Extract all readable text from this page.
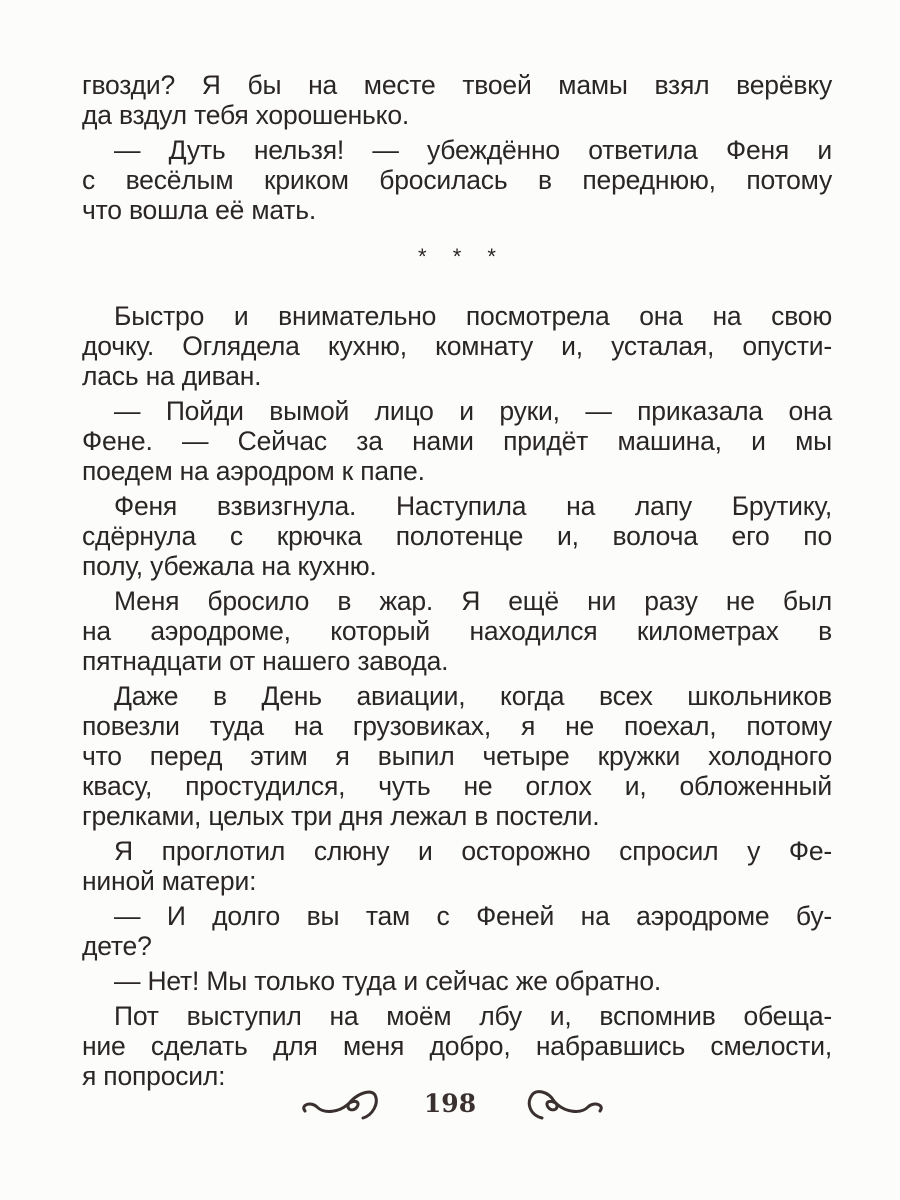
гвозди? Я бы на месте твоей мамы взял верёвку
да вздул тебя хорошенько.
— Дуть нельзя! — убеждённо ответила Феня и
с весёлым криком бросилась в переднюю, потому
что вошла её мать.
* * *
Быстро и внимательно посмотрела она на свою
дочку. Оглядела кухню, комнату и, усталая, опусти-
лась на диван.
— Пойди вымой лицо и руки, — приказала она
Фене. — Сейчас за нами придёт машина, и мы
поедем на аэродром к папе.
Феня взвизгнула. Наступила на лапу Брутику,
сдёрнула с крючка полотенце и, волоча его по
полу, убежала на кухню.
Меня бросило в жар. Я ещё ни разу не был
на аэродроме, который находился километрах в
пятнадцати от нашего завода.
Даже в День авиации, когда всех школьников
повезли туда на грузовиках, я не поехал, потому
что перед этим я выпил четыре кружки холодного
квасу, простудился, чуть не оглох и, обложенный
грелками, целых три дня лежал в постели.
Я проглотил слюну и осторожно спросил у Фе-
ниной матери:
— И долго вы там с Феней на аэродроме бу-
дете?
— Нет! Мы только туда и сейчас же обратно.
Пот выступил на моём лбу и, вспомнив обеща-
ние сделать для меня добро, набравшись смелости,
я попросил:
198
